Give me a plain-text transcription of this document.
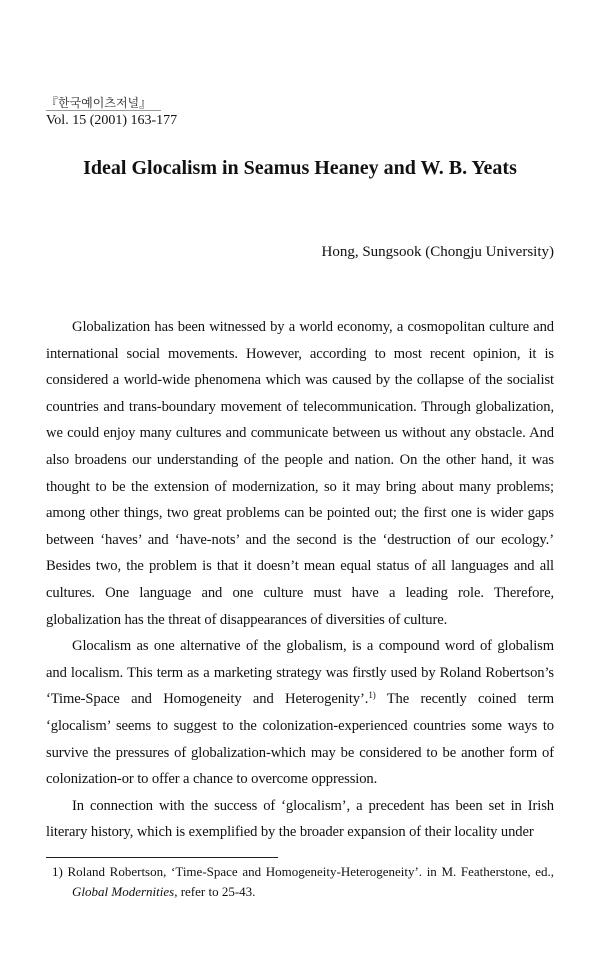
『한국예이츠저널』
Vol. 15 (2001) 163-177
Ideal Glocalism in Seamus Heaney and W. B. Yeats
Hong, Sungsook (Chongju University)

Globalization has been witnessed by a world economy, a cosmopolitan culture and international social movements. However, according to most recent opinion, it is considered a world-wide phenomena which was caused by the collapse of the socialist countries and trans-boundary movement of telecommunication. Through globalization, we could enjoy many cultures and communicate between us without any obstacle. And also broadens our understanding of the people and nation. On the other hand, it was thought to be the extension of modernization, so it may bring about many problems; among other things, two great problems can be pointed out; the first one is wider gaps between ‘haves’ and ‘have-nots’ and the second is the ‘destruction of our ecology.’ Besides two, the problem is that it doesn’t mean equal status of all languages and all cultures. One language and one culture must have a leading role. Therefore, globalization has the threat of disappearances of diversities of culture.

Glocalism as one alternative of the globalism, is a compound word of globalism and localism. This term as a marketing strategy was firstly used by Roland Robertson’s ‘Time-Space and Homogeneity and Heterogenity’.$^{1)}$ The recently coined term ‘glocalism’ seems to suggest to the colonization-experienced countries some ways to survive the pressures of globalization-which may be considered to be another form of colonization-or to offer a chance to overcome oppression.

In connection with the success of ‘glocalism’, a precedent has been set in Irish literary history, which is exemplified by the broader expansion of their locality under

1) Roland Robertson, ‘Time-Space and Homogeneity-Heterogeneity’. in M. Featherstone, ed., Global Modernities, refer to 25-43.
